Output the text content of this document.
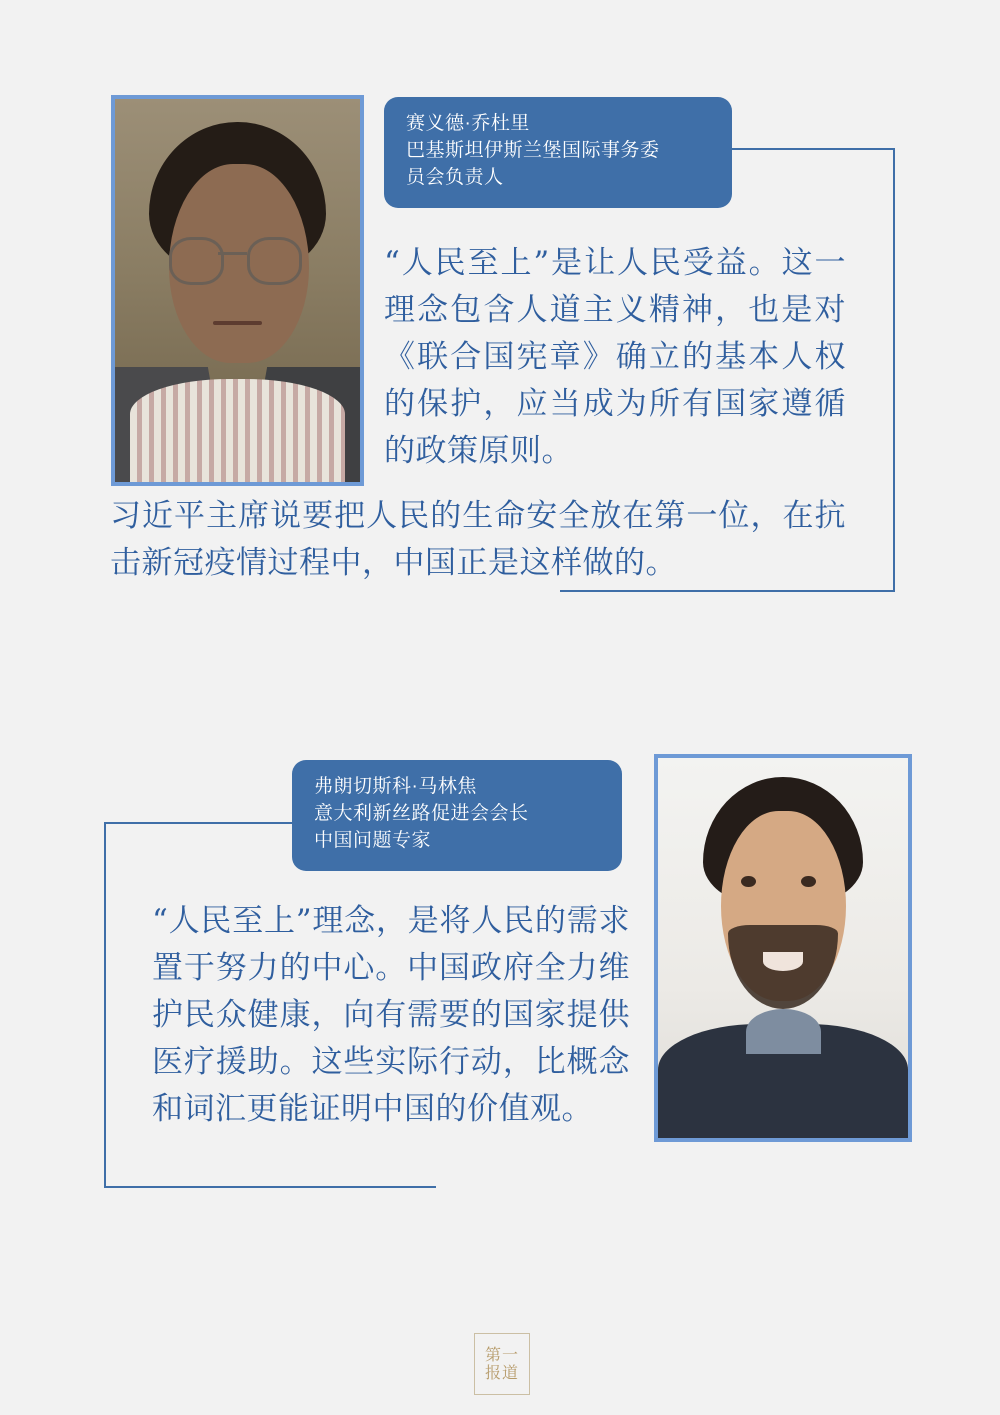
赛义德·乔杜里
巴基斯坦伊斯兰堡国际事务委
员会负责人
“人民至上”是让人民受益。这一理念包含人道主义精神，也是对《联合国宪章》确立的基本人权的保护，应当成为所有国家遵循的政策原则。
习近平主席说要把人民的生命安全放在第一位，在抗击新冠疫情过程中，中国正是这样做的。
弗朗切斯科·马林焦
意大利新丝路促进会会长
中国问题专家
“人民至上”理念，是将人民的需求置于努力的中心。中国政府全力维护民众健康，向有需要的国家提供医疗援助。这些实际行动，比概念和词汇更能证明中国的价值观。
第一
报道
